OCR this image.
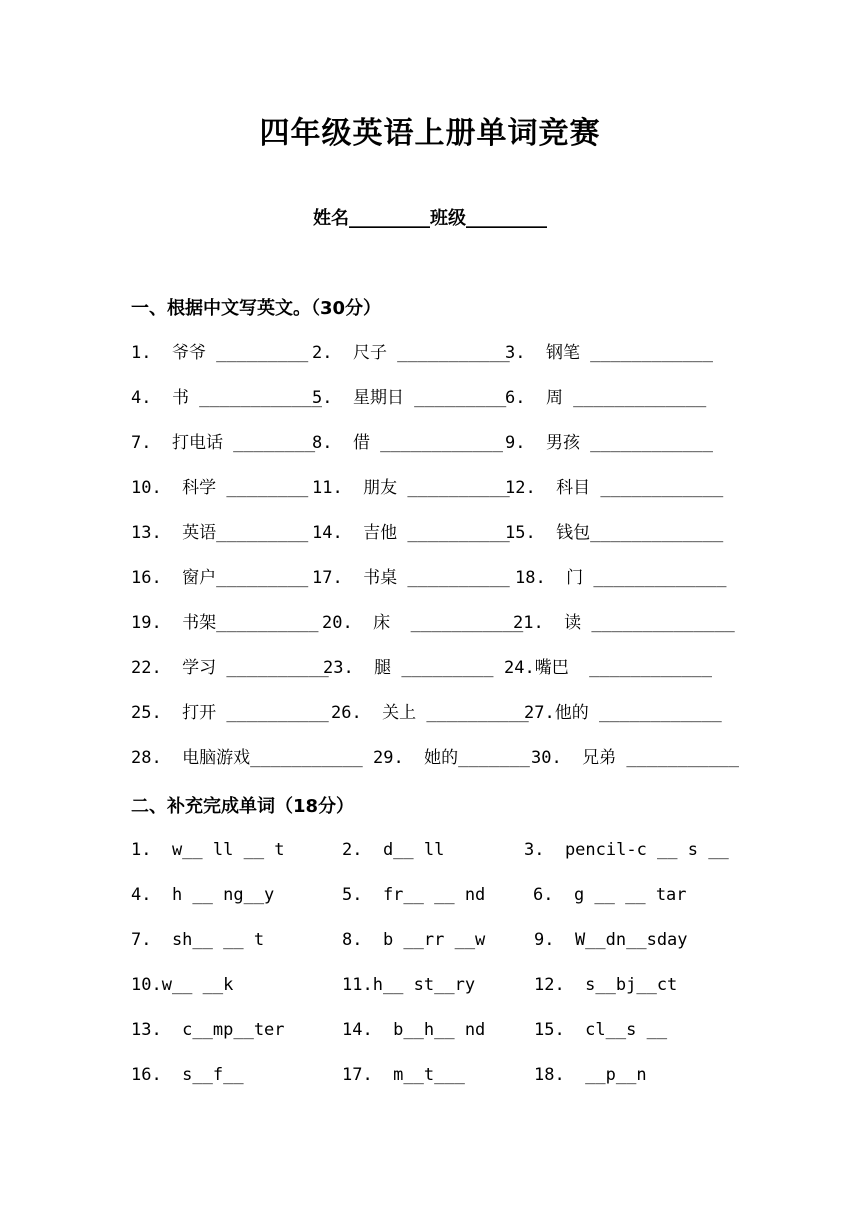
四年级英语上册单词竞赛
姓名_________班级_________
一、根据中文写英文。（30分）
1.  爷爷 _________ 2.  尺子 ___________
3.  钢笔 ____________
4.  书 ____________
5.  星期日 _________
6.  周 _____________
7.  打电话 ________
8.  借 ____________ 9.  男孩 ____________
10.  科学 ________ 11.  朋友 __________
12.  科目 ____________
13.  英语_________ 14.  吉他 __________
15.  钱包_____________
16.  窗户_________ 17.  书桌 __________ 18.  门 _____________
19.  书架__________ 20.  床  ___________
21.  读 ______________
22.  学习 __________
23.  腿 _________ 24.嘴巴  ____________
25.  打开 __________ 26.  关上 __________
27.他的 ____________
28.  电脑游戏___________ 29.  她的_______ 30.  兄弟 ___________
二、补充完成单词（18分）
1.  w__ ll __ t	2.  d__ ll	3.  pencil-c __ s __
4.  h __ ng__y	5.  fr__ __ nd	6.  g __ __ tar
7.  sh__ __ t	8.  b __rr __w	9.  W__dn__sday
10.w__ __k	11.h__ st__ry	12.  s__bj__ct
13.  c__mp__ter	14.  b__h__ nd	15.  cl__s __
16.  s__f__	17.  m__t___	18.  __p__n
